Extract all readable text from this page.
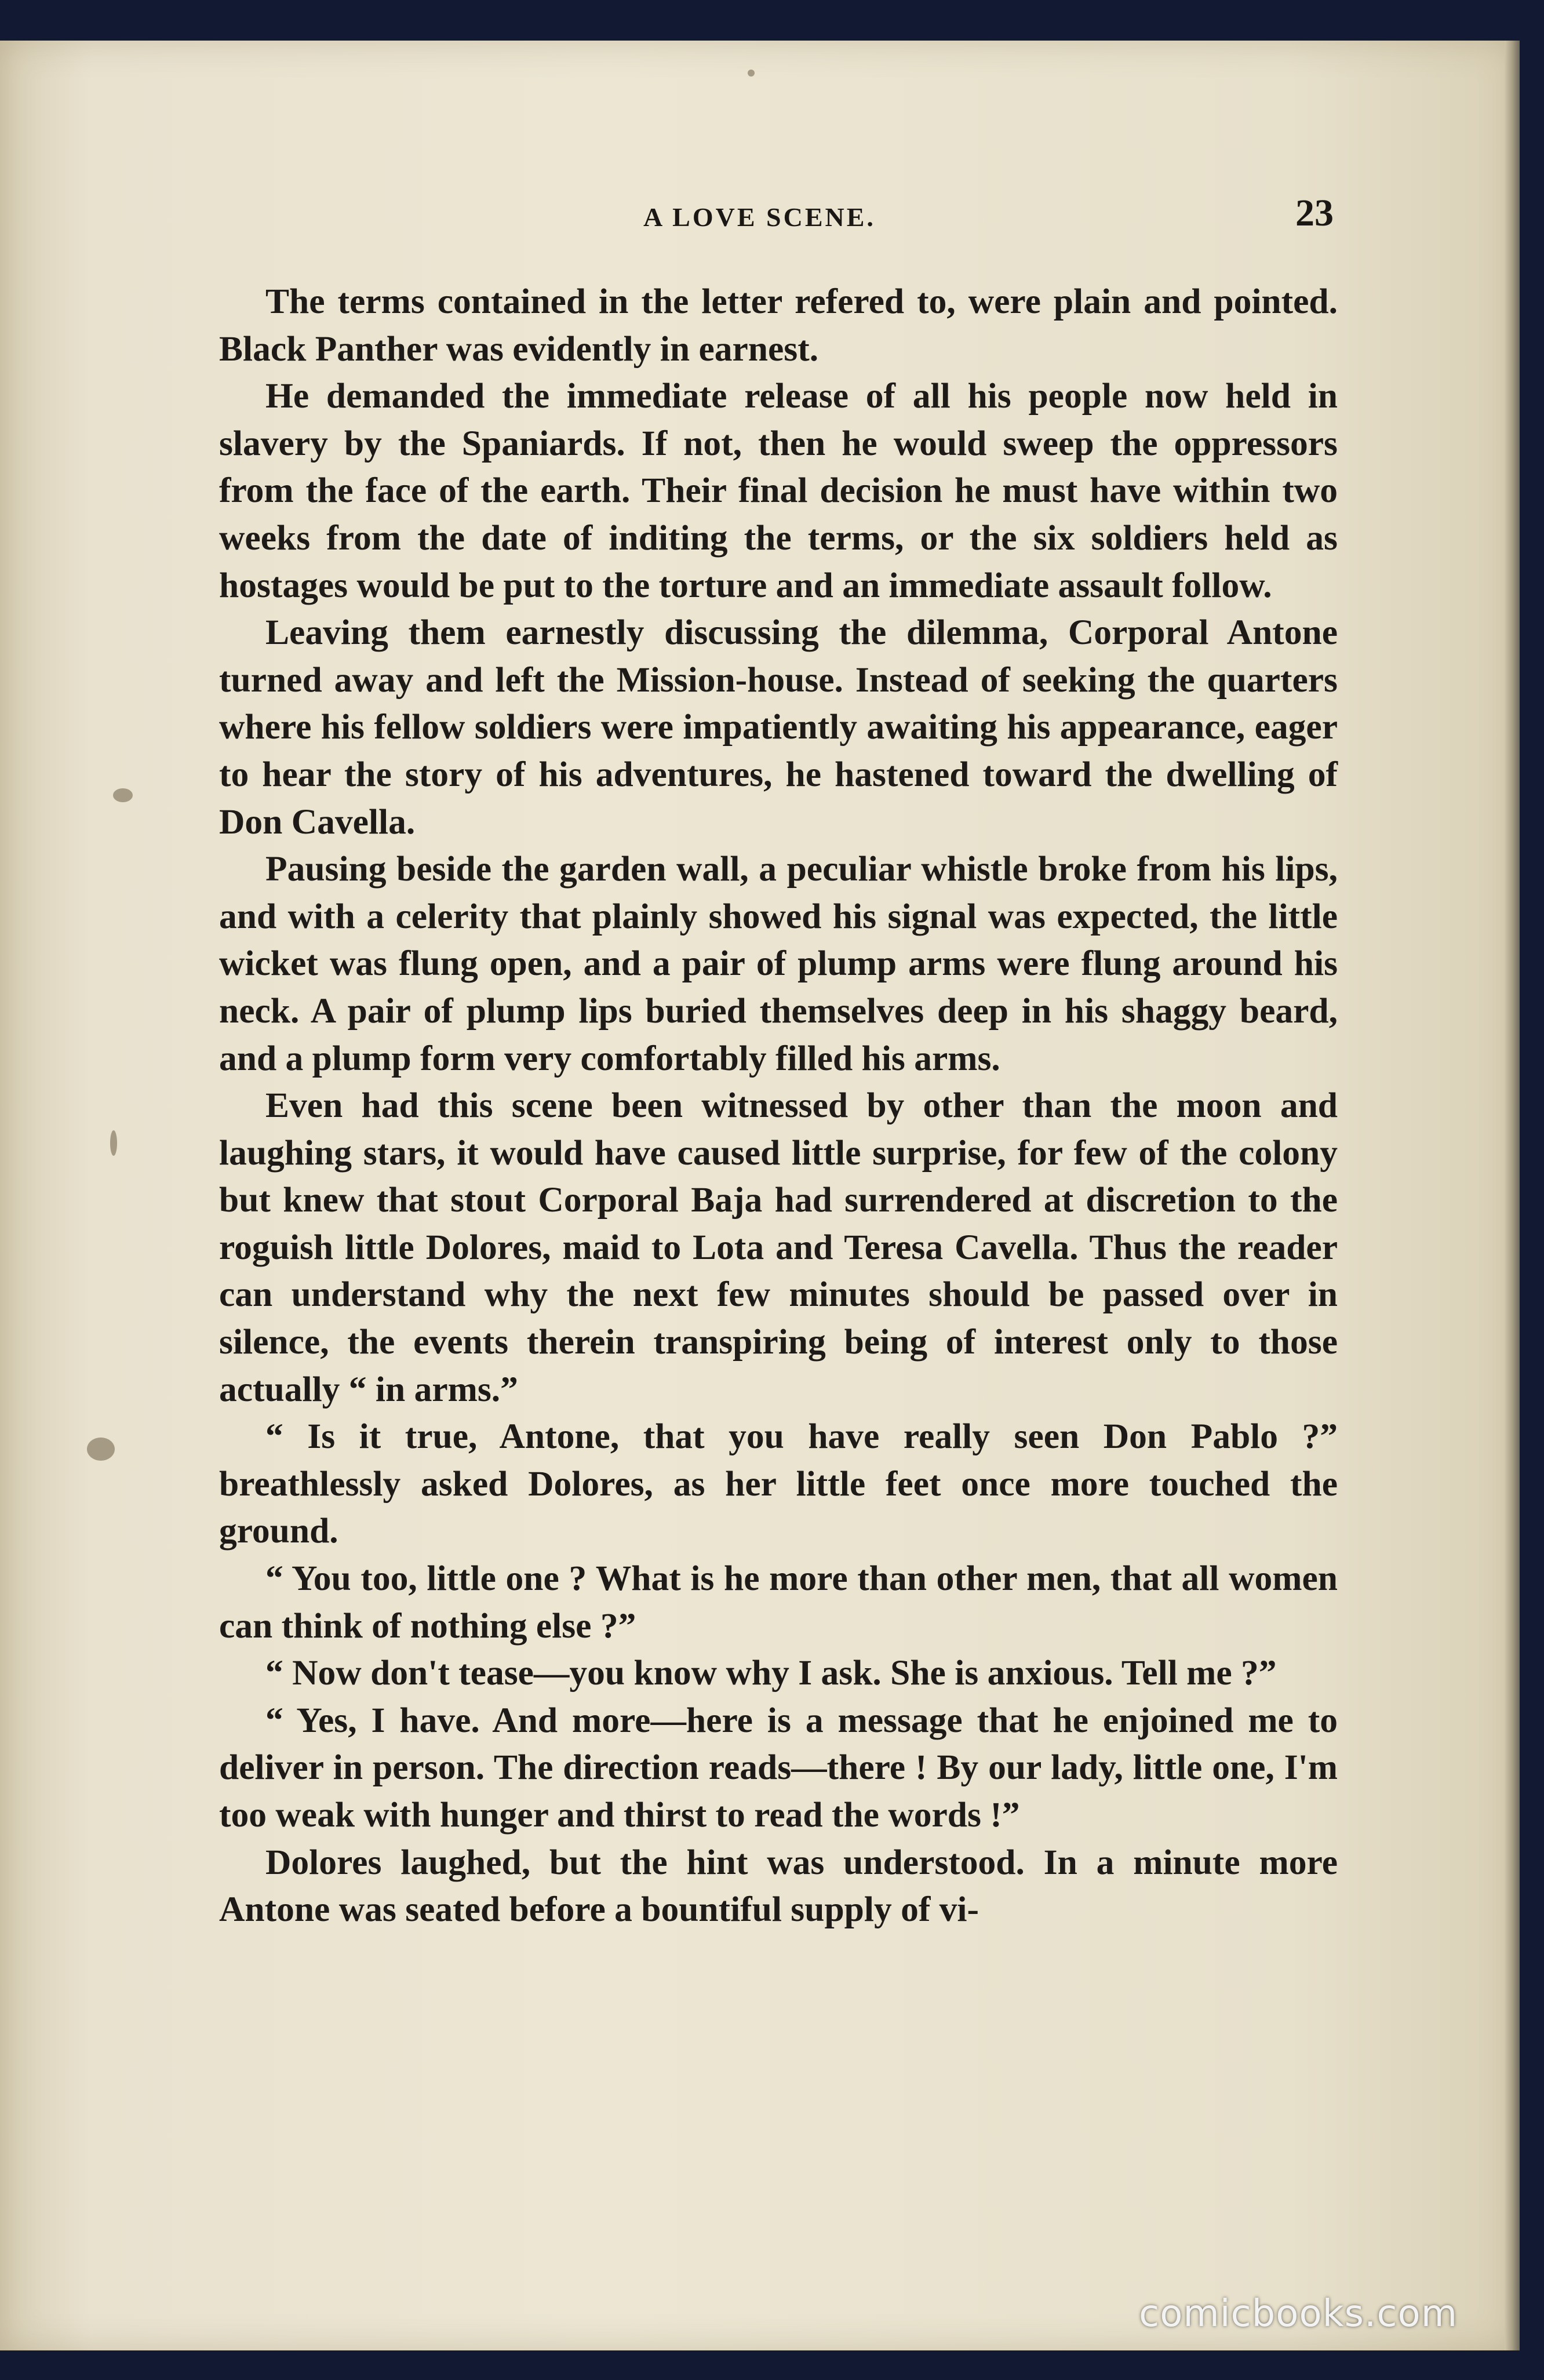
A LOVE SCENE.	23

The terms contained in the letter refered to, were plain and pointed. Black Panther was evidently in earnest.

He demanded the immediate release of all his people now held in slavery by the Spaniards. If not, then he would sweep the oppressors from the face of the earth. Their final decision he must have within two weeks from the date of inditing the terms, or the six soldiers held as hostages would be put to the torture and an immediate assault follow.

Leaving them earnestly discussing the dilemma, Corporal Antone turned away and left the Mission-house. Instead of seeking the quarters where his fellow soldiers were impatiently awaiting his appearance, eager to hear the story of his adventures, he hastened toward the dwelling of Don Cavella.

Pausing beside the garden wall, a peculiar whistle broke from his lips, and with a celerity that plainly showed his signal was expected, the little wicket was flung open, and a pair of plump arms were flung around his neck. A pair of plump lips buried themselves deep in his shaggy beard, and a plump form very comfortably filled his arms.

Even had this scene been witnessed by other than the moon and laughing stars, it would have caused little surprise, for few of the colony but knew that stout Corporal Baja had surrendered at discretion to the roguish little Dolores, maid to Lota and Teresa Cavella. Thus the reader can understand why the next few minutes should be passed over in silence, the events therein transpiring being of interest only to those actually “ in arms.”

“ Is it true, Antone, that you have really seen Don Pablo ?” breathlessly asked Dolores, as her little feet once more touched the ground.

“ You too, little one ? What is he more than other men, that all women can think of nothing else ?”

“ Now don't tease—you know why I ask. She is anxious. Tell me ?”

“ Yes, I have. And more—here is a message that he enjoined me to deliver in person. The direction reads—there ! By our lady, little one, I'm too weak with hunger and thirst to read the words !”

Dolores laughed, but the hint was understood. In a minute more Antone was seated before a bountiful supply of vi-

comicbooks.com
